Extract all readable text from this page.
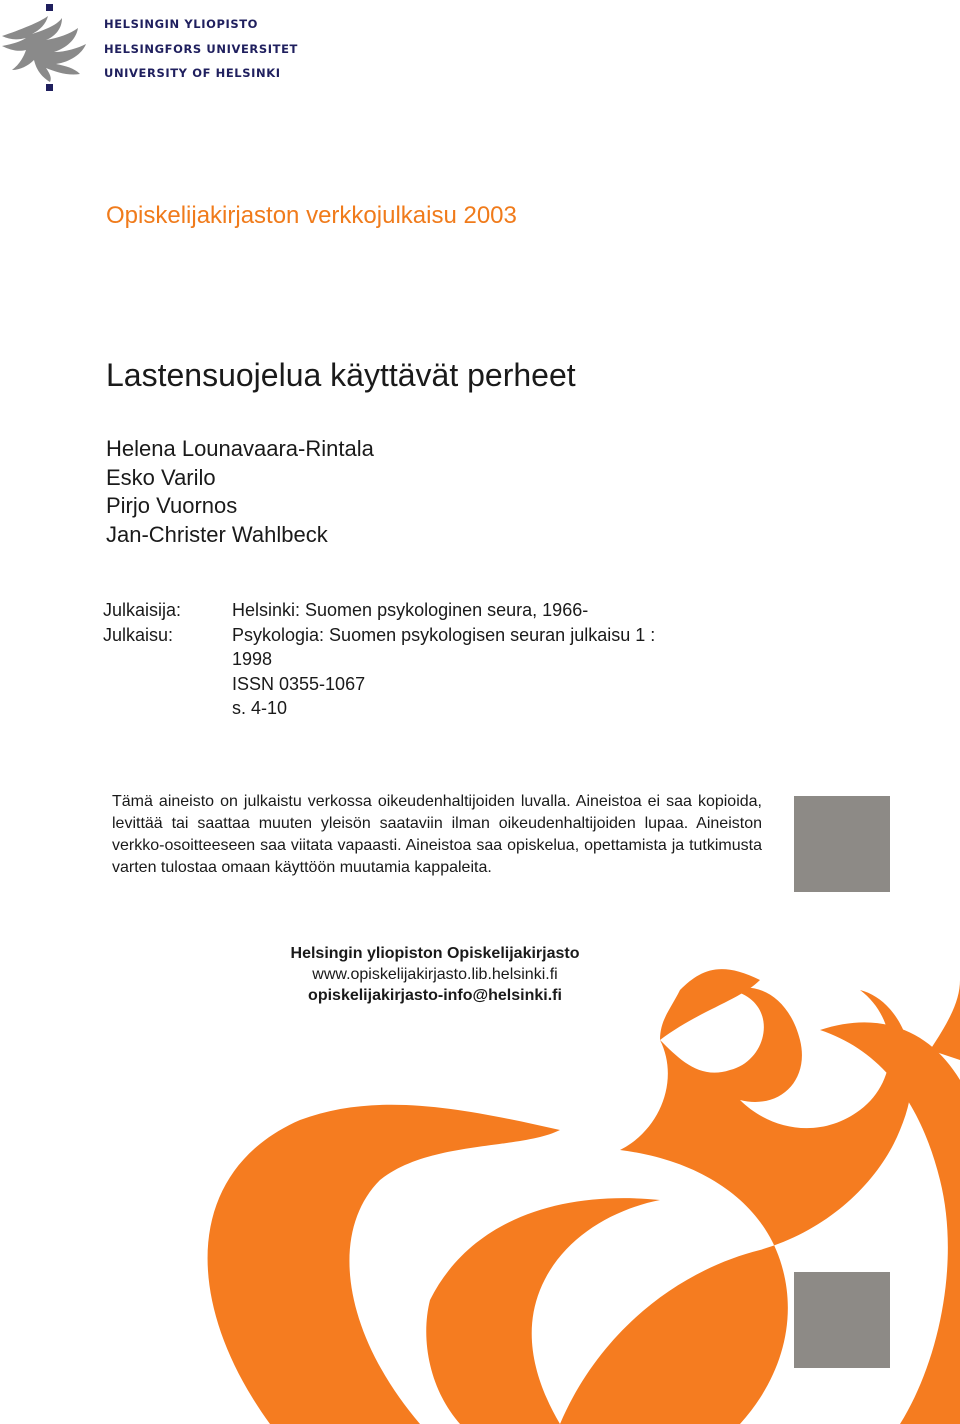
HELSINGIN YLIOPISTO
HELSINGFORS UNIVERSITET
UNIVERSITY OF HELSINKI
Opiskelijakirjaston verkkojulkaisu 2003
Lastensuojelua käyttävät perheet
Helena Lounavaara-Rintala
Esko Varilo
Pirjo Vuornos
Jan-Christer Wahlbeck
Julkaisija:	Helsinki: Suomen psykologinen seura, 1966-
Julkaisu:	Psykologia: Suomen psykologisen seuran julkaisu 1 :
1998
ISSN 0355-1067
s. 4-10

Tämä aineisto on julkaistu verkossa oikeudenhaltijoiden luvalla. Aineistoa ei saa kopioida, levittää tai saattaa muuten yleisön saataviin ilman oikeudenhaltijoiden lupaa. Aineiston verkko-osoitteeseen saa viitata vapaasti. Aineistoa saa opiskelua, opettamista ja tutkimusta varten tulostaa omaan käyttöön muutamia kappaleita.

Helsingin yliopiston Opiskelijakirjasto
www.opiskelijakirjasto.lib.helsinki.fi
opiskelijakirjasto-info@helsinki.fi
